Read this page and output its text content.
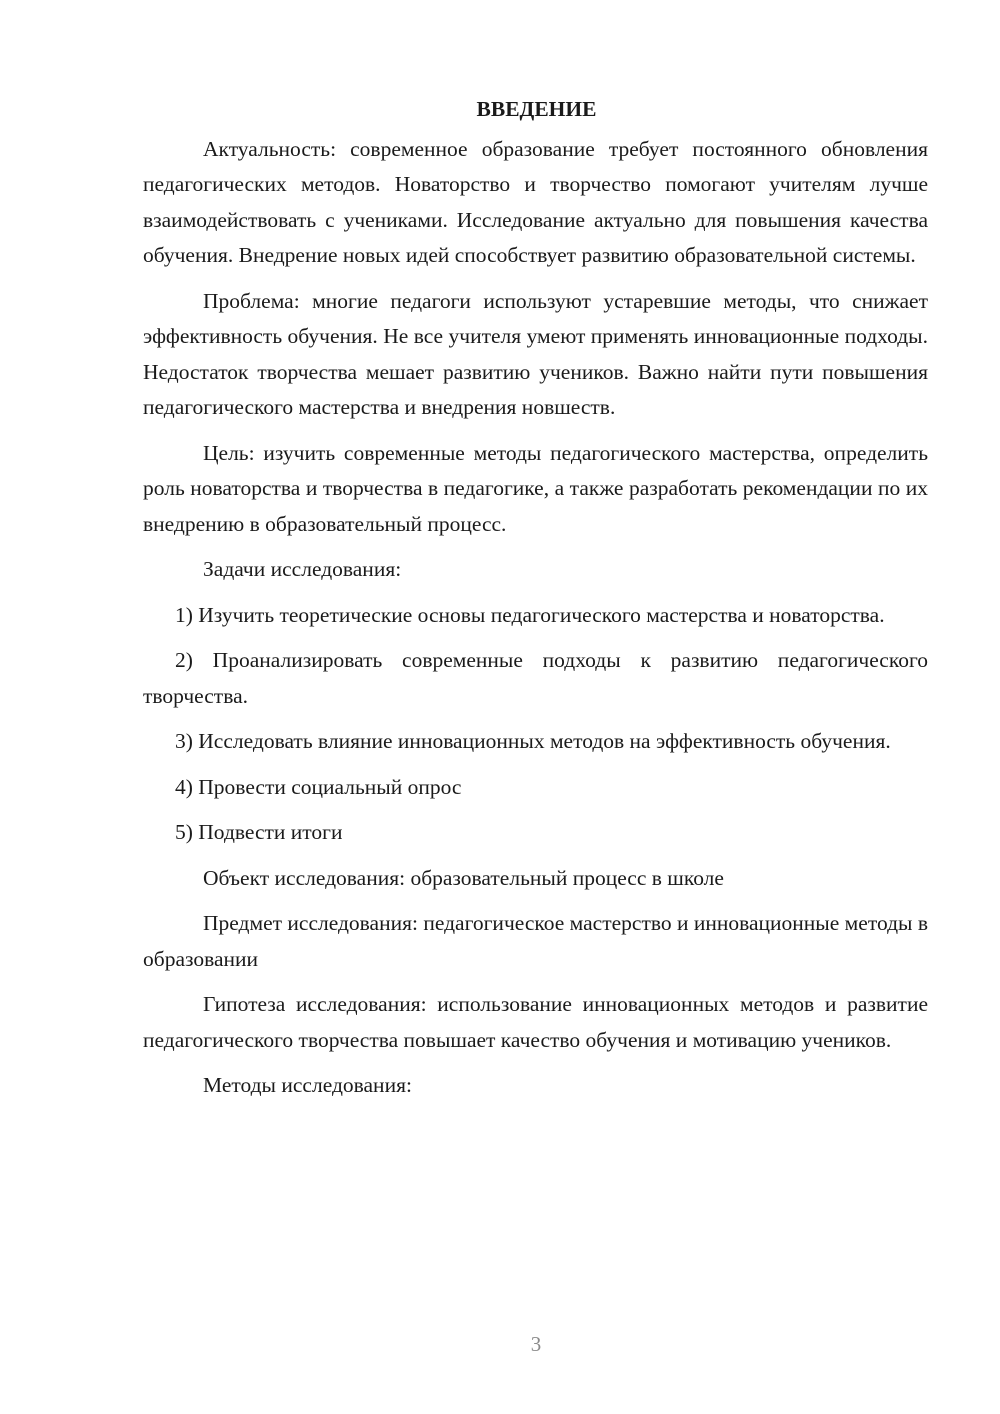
ВВЕДЕНИЕ

Актуальность: современное образование требует постоянного обновления педагогических методов. Новаторство и творчество помогают учителям лучше взаимодействовать с учениками. Исследование актуально для повышения качества обучения. Внедрение новых идей способствует развитию образовательной системы.

Проблема: многие педагоги используют устаревшие методы, что снижает эффективность обучения. Не все учителя умеют применять инновационные подходы. Недостаток творчества мешает развитию учеников. Важно найти пути повышения педагогического мастерства и внедрения новшеств.

Цель: изучить современные методы педагогического мастерства, определить роль новаторства и творчества в педагогике, а также разработать рекомендации по их внедрению в образовательный процесс.

Задачи исследования:

1) Изучить теоретические основы педагогического мастерства и новаторства.

2) Проанализировать современные подходы к развитию педагогического творчества.

3) Исследовать влияние инновационных методов на эффективность обучения.

4) Провести социальный опрос

5) Подвести итоги

Объект исследования: образовательный процесс в школе

Предмет исследования: педагогическое мастерство и инновационные методы в образовании

Гипотеза исследования: использование инновационных методов и развитие педагогического творчества повышает качество обучения и мотивацию учеников.

Методы исследования:

3
